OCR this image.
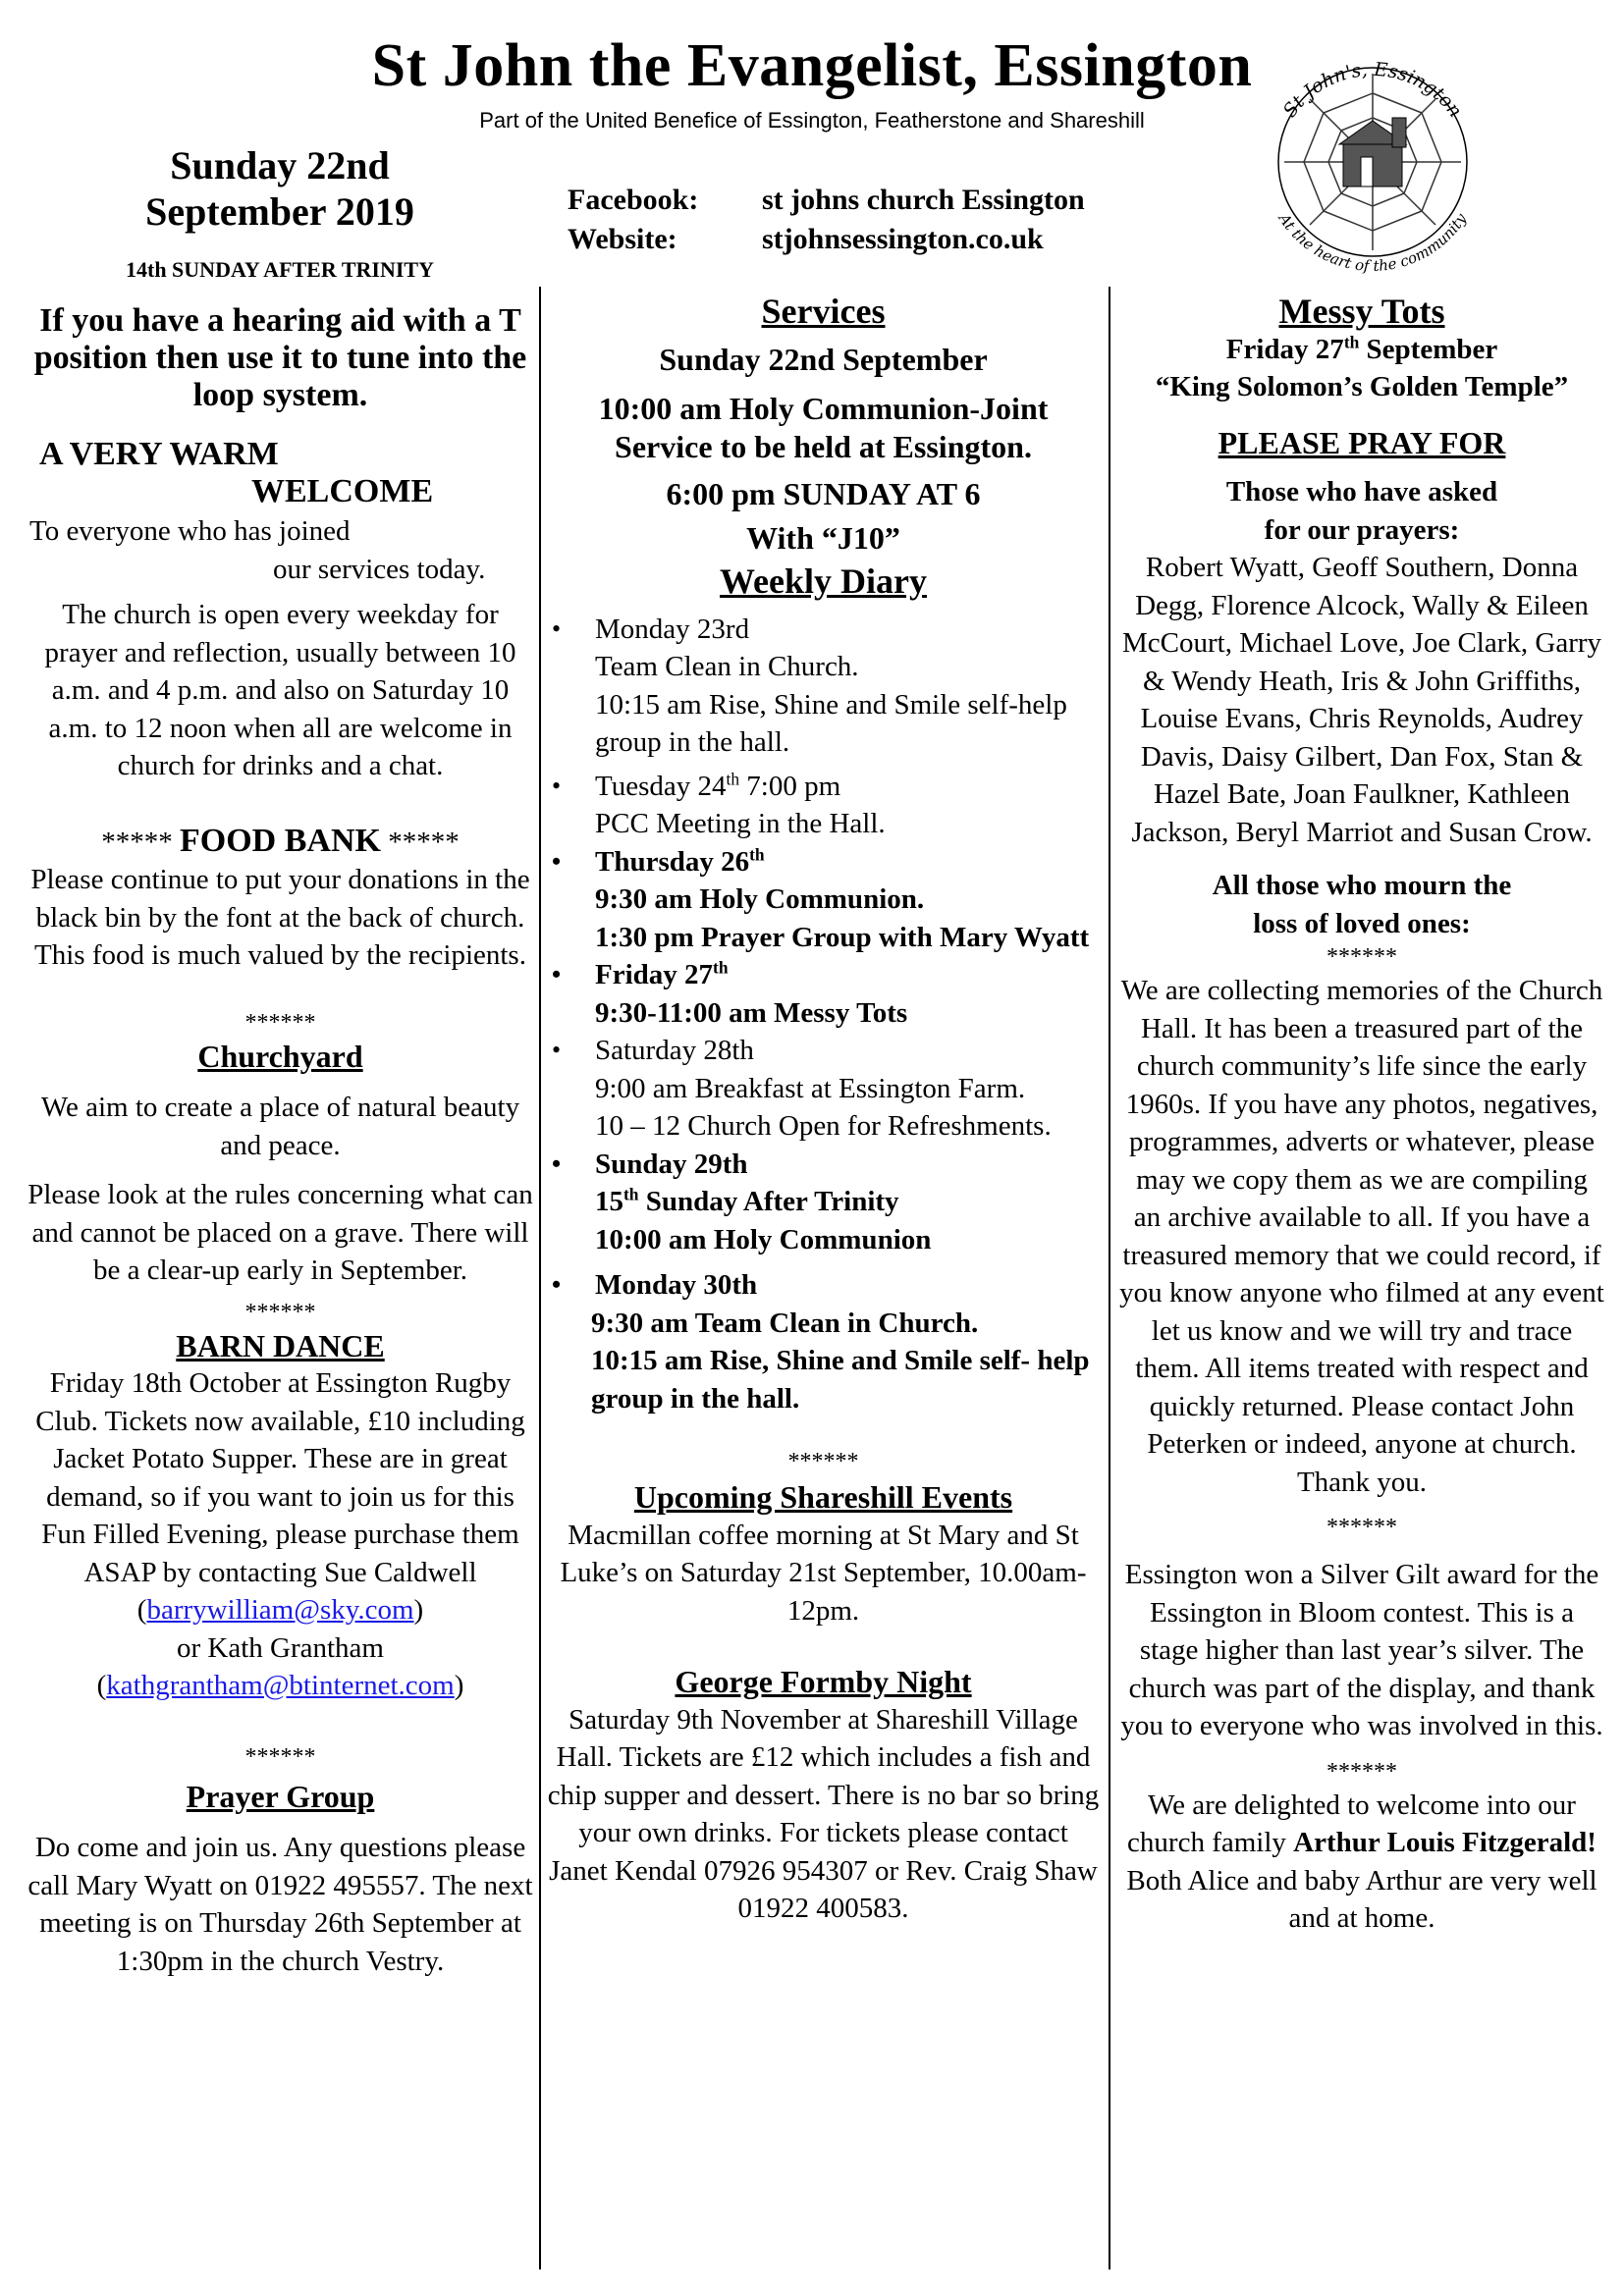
St John the Evangelist, Essington
Part of the United Benefice of Essington, Featherstone and Shareshill
Sunday 22nd
September 2019
14th SUNDAY AFTER TRINITY
Facebook: st johns church Essington
Website:	stjohnsessington.co.uk
St John's, Essington
At the heart of the community

If you have a hearing aid with a T position then use it to tune into the loop system.

A VERY WARM
WELCOME
To everyone who has joined
our services today.

The church is open every weekday for prayer and reflection, usually between 10 a.m. and 4 p.m. and also on Saturday 10 a.m. to 12 noon when all are welcome in church for drinks and a chat.

***** FOOD BANK *****

Please continue to put your donations in the black bin by the font at the back of church. This food is much valued by the recipients.

******

Churchyard

We aim to create a place of natural beauty and peace.

Please look at the rules concerning what can and cannot be placed on a grave. There will be a clear-up early in September.

******

BARN DANCE

Friday 18th October at Essington Rugby Club. Tickets now available, £10 including Jacket Potato Supper. These are in great demand, so if you want to join us for this Fun Filled Evening, please purchase them ASAP by contacting Sue Caldwell

(barrywilliam@sky.com)

or Kath Grantham

(kathgrantham@btinternet.com)

******

Prayer Group

Do come and join us. Any questions please call Mary Wyatt on 01922 495557. The next meeting is on Thursday 26th September at 1:30pm in the church Vestry.

Services

Sunday 22nd September

10:00 am Holy Communion-Joint Service to be held at Essington.

6:00 pm SUNDAY AT 6

With “J10”

Weekly Diary

• Monday 23rd
Team Clean in Church.
10:15 am Rise, Shine and Smile self-help group in the hall.
• Tuesday 24th 7:00 pm
PCC Meeting in the Hall.
• Thursday 26th
9:30 am Holy Communion.
1:30 pm Prayer Group with Mary Wyatt
• Friday 27th
9:30-11:00 am Messy Tots
• Saturday 28th
9:00 am Breakfast at Essington Farm.
10 – 12 Church Open for Refreshments.
• Sunday 29th
15th Sunday After Trinity
10:00 am Holy Communion
• Monday 30th
9:30 am Team Clean in Church.
10:15 am Rise, Shine and Smile self- help group in the hall.

******

Upcoming Shareshill Events

Macmillan coffee morning at St Mary and St Luke’s on Saturday 21st September, 10.00am- 12pm.

George Formby Night

Saturday 9th November at Shareshill Village Hall. Tickets are £12 which includes a fish and chip supper and dessert. There is no bar so bring your own drinks. For tickets please contact Janet Kendal 07926 954307 or Rev. Craig Shaw 01922 400583.

Messy Tots

Friday 27th September

“King Solomon’s Golden Temple”

PLEASE PRAY FOR

Those who have asked for our prayers:

Robert Wyatt, Geoff Southern, Donna Degg, Florence Alcock, Wally & Eileen McCourt, Michael Love, Joe Clark, Garry & Wendy Heath, Iris & John Griffiths, Louise Evans, Chris Reynolds, Audrey Davis, Daisy Gilbert, Dan Fox, Stan & Hazel Bate, Joan Faulkner, Kathleen Jackson, Beryl Marriot and Susan Crow.

All those who mourn the loss of loved ones:

******

We are collecting memories of the Church Hall. It has been a treasured part of the church community’s life since the early 1960s. If you have any photos, negatives, programmes, adverts or whatever, please may we copy them as we are compiling an archive available to all. If you have a treasured memory that we could record, if you know anyone who filmed at any event let us know and we will try and trace them. All items treated with respect and quickly returned. Please contact John Peterken or indeed, anyone at church. Thank you.

******

Essington won a Silver Gilt award for the Essington in Bloom contest. This is a stage higher than last year’s silver. The church was part of the display, and thank you to everyone who was involved in this.

******

We are delighted to welcome into our church family Arthur Louis Fitzgerald! Both Alice and baby Arthur are very well and at home.
